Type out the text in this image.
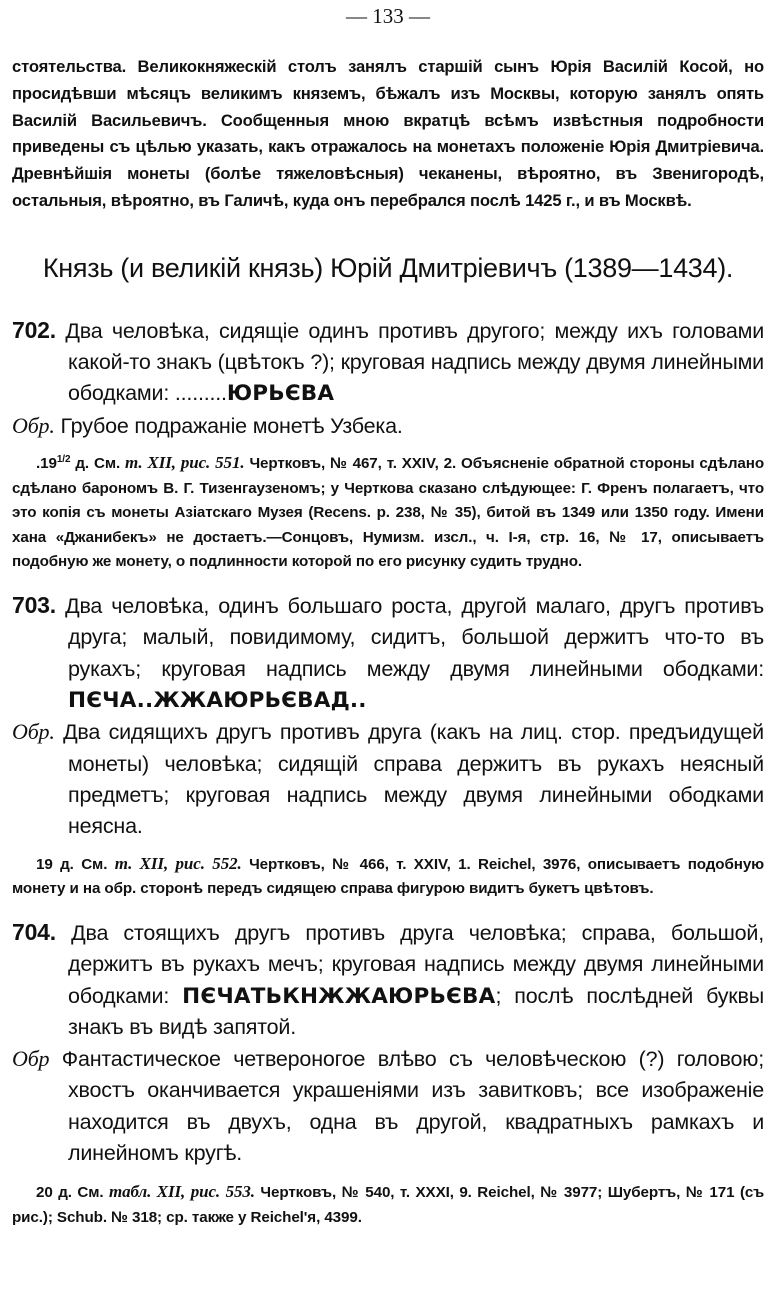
— 133 —

стоятельства. Великокняжескій столъ занялъ старшій сынъ Юрія Василій Косой, но просидѣвши мѣсяцъ великимъ княземъ, бѣжалъ изъ Москвы, которую занялъ опять Василій Васильевичъ. Сообщенныя мною вкратцѣ всѣмъ извѣстныя подробности приведены съ цѣлью указать, какъ отражалось на монетахъ положеніе Юрія Дмитріевича. Древнѣйшія монеты (болѣе тяжеловѣсныя) чеканены, вѣроятно, въ Звенигородѣ, остальныя, вѣроятно, въ Галичѣ, куда онъ перебрался послѣ 1425 г., и въ Москвѣ.

Князь (и великій князь) Юрій Дмитріевичъ (1389—1434).

702. Два человѣка, сидящіе одинъ противъ другого; между ихъ головами какой-то знакъ (цвѣтокъ ?); круговая надпись между двумя линейными ободками: .........ЮРЬЄВА

Обр. Грубое подражаніе монетѣ Узбека.

$.19^{1/2}$ д. См. т. XII, рис. 551. Чертковъ, № 467, т. XXIV, 2. Объясненіе обратной стороны сдѣлано сдѣлано барономъ В. Г. Тизенгаузеномъ; у Черткова сказано слѣдующее: Г. Френъ полагаетъ, что это копія съ монеты Азіатскаго Музея (Recens. p. 238, № 35), битой въ 1349 или 1350 году. Имени хана «Джанибекъ» не достаетъ.—Сонцовъ, Нумизм. изсл., ч. I-я, стр. 16, № 17, описываетъ подобную же монету, о подлинности которой по его рисунку судить трудно.

703. Два человѣка, одинъ большаго роста, другой малаго, другъ противъ друга; малый, повидимому, сидитъ, большой держитъ что-то въ рукахъ; круговая надпись между двумя линейными ободками: ПЄЧА..ЖЖАЮРЬЄВАД..

Обр. Два сидящихъ другъ противъ друга (какъ на лиц. стор. предъидущей монеты) человѣка; сидящій справа держитъ въ рукахъ неясный предметъ; круговая надпись между двумя линейными ободками неясна.

19 д. См. т. XII, рис. 552. Чертковъ, № 466, т. XXIV, 1. Reichel, 3976, описываетъ подобную монету и на обр. сторонѣ передъ сидящею справа фигурою видитъ букетъ цвѣтовъ.

704. Два стоящихъ другъ противъ друга человѣка; справа, большой, держитъ въ рукахъ мечъ; круговая надпись между двумя линейными ободками: ПЄЧАТЬКНЖЖАЮРЬЄВА; послѣ послѣдней буквы знакъ въ видѣ запятой.

Обр Фантастическое четвероногое влѣво съ человѣческою (?) головою; хвостъ оканчивается украшеніями изъ завитковъ; все изображеніе находится въ двухъ, одна въ другой, квадратныхъ рамкахъ и линейномъ кругѣ.

20 д. См. табл. XII, рис. 553. Чертковъ, № 540, т. XXXI, 9. Reichel, № 3977; Шубертъ, № 171 (съ рис.); Schub. № 318; ср. также у Reichel'я, 4399.
